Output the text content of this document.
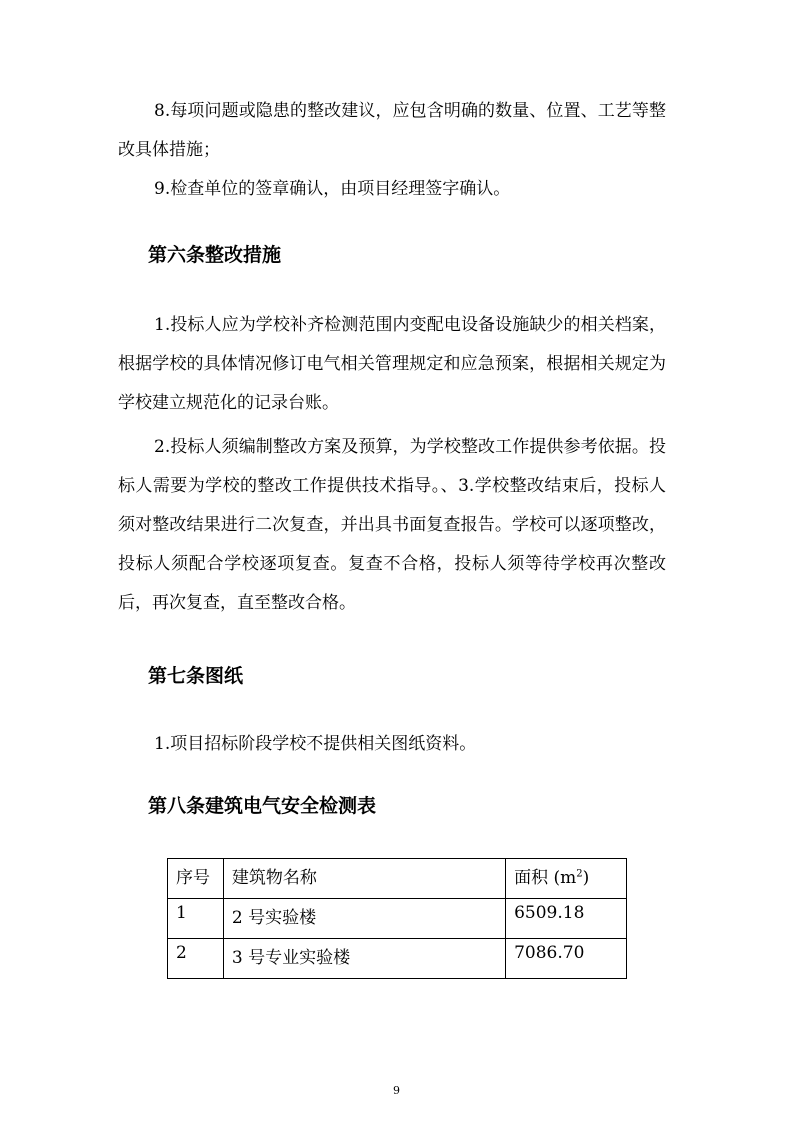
8.每项问题或隐患的整改建议，应包含明确的数量、位置、工艺等整改具体措施；

9.检查单位的签章确认，由项目经理签字确认。

第六条整改措施

1.投标人应为学校补齐检测范围内变配电设备设施缺少的相关档案，根据学校的具体情况修订电气相关管理规定和应急预案，根据相关规定为学校建立规范化的记录台账。

2.投标人须编制整改方案及预算，为学校整改工作提供参考依据。投标人需要为学校的整改工作提供技术指导。、3.学校整改结束后，投标人须对整改结果进行二次复查，并出具书面复查报告。学校可以逐项整改，投标人须配合学校逐项复查。复查不合格，投标人须等待学校再次整改后，再次复查，直至整改合格。

第七条图纸

1.项目招标阶段学校不提供相关图纸资料。

第八条建筑电气安全检测表
序号	建筑物名称	面积 $(m^2)$
1	2 号实验楼	6509.18
2	3 号专业实验楼	7086.70
9
